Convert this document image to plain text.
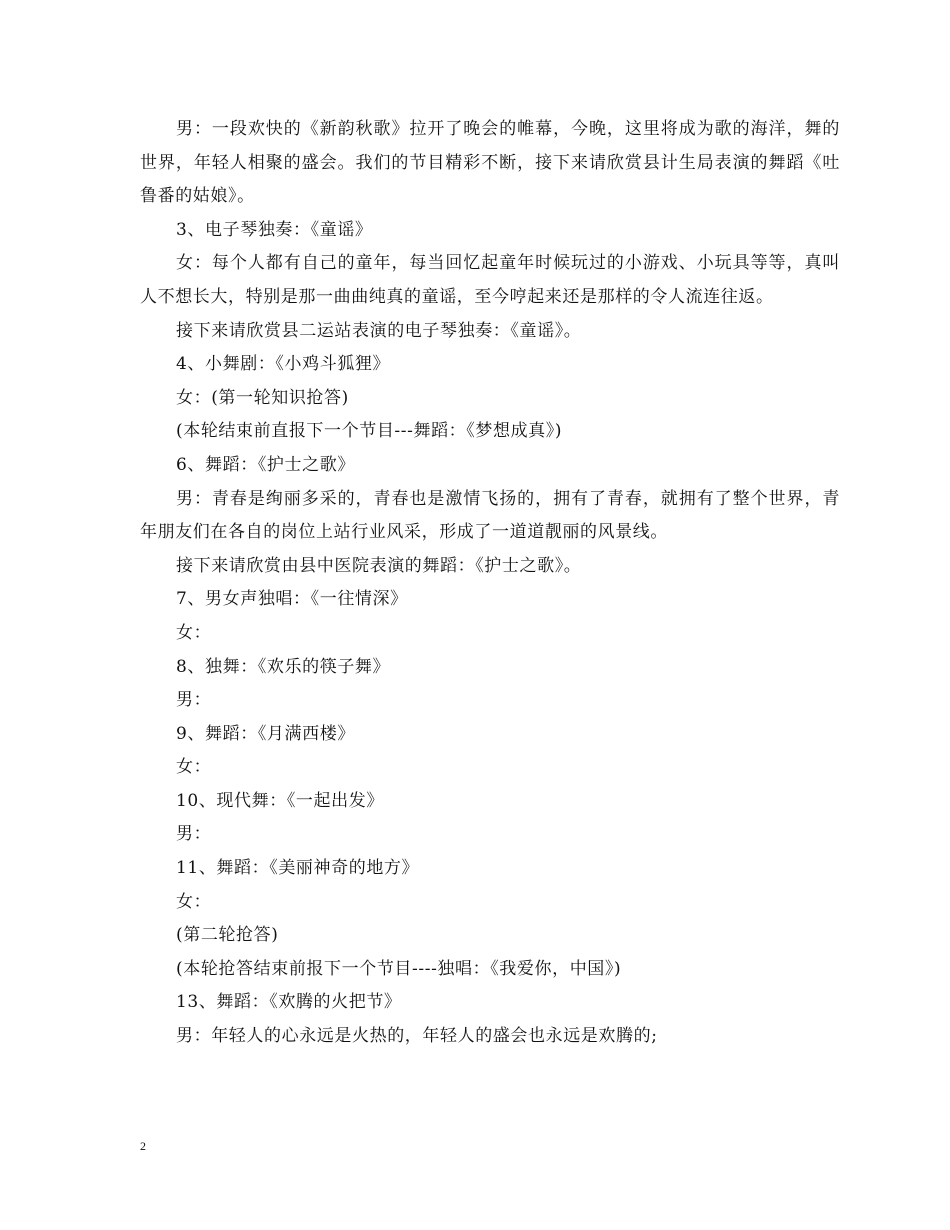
男：一段欢快的《新韵秋歌》拉开了晚会的帷幕，今晚，这里将成为歌的海洋，舞的世界，年轻人相聚的盛会。我们的节目精彩不断，接下来请欣赏县计生局表演的舞蹈《吐鲁番的姑娘》。

3、电子琴独奏：《童谣》

女：每个人都有自己的童年，每当回忆起童年时候玩过的小游戏、小玩具等等，真叫人不想长大，特别是那一曲曲纯真的童谣，至今哼起来还是那样的令人流连往返。

接下来请欣赏县二运站表演的电子琴独奏：《童谣》。

4、小舞剧：《小鸡斗狐狸》

女：(第一轮知识抢答)

(本轮结束前直报下一个节目---舞蹈：《梦想成真》)

6、舞蹈：《护士之歌》

男：青春是绚丽多采的，青春也是激情飞扬的，拥有了青春，就拥有了整个世界，青年朋友们在各自的岗位上站行业风采，形成了一道道靓丽的风景线。

接下来请欣赏由县中医院表演的舞蹈：《护士之歌》。

7、男女声独唱：《一往情深》

女：

8、独舞：《欢乐的筷子舞》

男：

9、舞蹈：《月满西楼》

女：

10、现代舞：《一起出发》

男：

11、舞蹈：《美丽神奇的地方》

女：

(第二轮抢答)

(本轮抢答结束前报下一个节目----独唱：《我爱你，中国》)

13、舞蹈：《欢腾的火把节》

男：年轻人的心永远是火热的，年轻人的盛会也永远是欢腾的;

2
